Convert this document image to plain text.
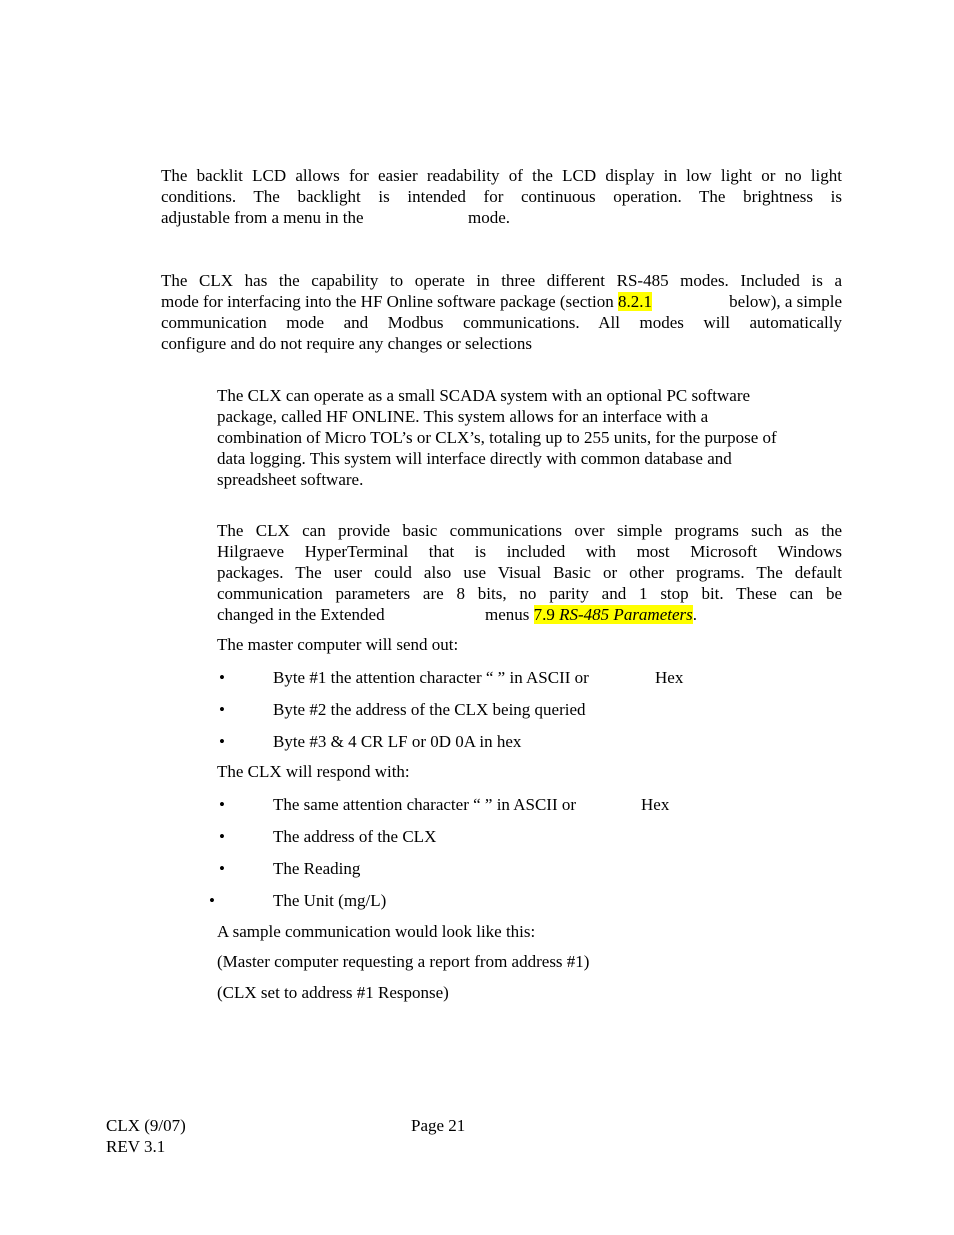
The backlit LCD allows for easier readability of the LCD display in low light or no light
conditions. The backlight is intended for continuous operation. The brightness is
adjustable from a menu in the	mode.
The CLX has the capability to operate in three different RS-485 modes. Included is a
mode for interfacing into the HF Online software package (section 8.2.1	below), a simple
communication mode and Modbus communications. All modes will automatically
configure and do not require any changes or selections
The CLX can operate as a small SCADA system with an optional PC software
package, called HF ONLINE. This system allows for an interface with a
combination of Micro TOL’s or CLX’s, totaling up to 255 units, for the purpose of
data logging. This system will interface directly with common database and
spreadsheet software.
The CLX can provide basic communications over simple programs such as the
Hilgraeve HyperTerminal that is included with most Microsoft Windows
packages. The user could also use Visual Basic or other programs. The default
communication parameters are 8 bits, no parity and 1 stop bit. These can be
changed in the Extended	menus 7.9 RS-485 Parameters.
The master computer will send out:
•	Byte #1 the attention character “ ” in ASCII or	Hex
•	Byte #2 the address of the CLX being queried
•	Byte #3 & 4 CR LF or 0D 0A in hex
The CLX will respond with:
•	The same attention character “ ” in ASCII or	Hex
•	The address of the CLX
•	The Reading
•	The Unit (mg/L)
A sample communication would look like this:
(Master computer requesting a report from address #1)
(CLX set to address #1 Response)
CLX (9/07)
REV 3.1
Page 21
